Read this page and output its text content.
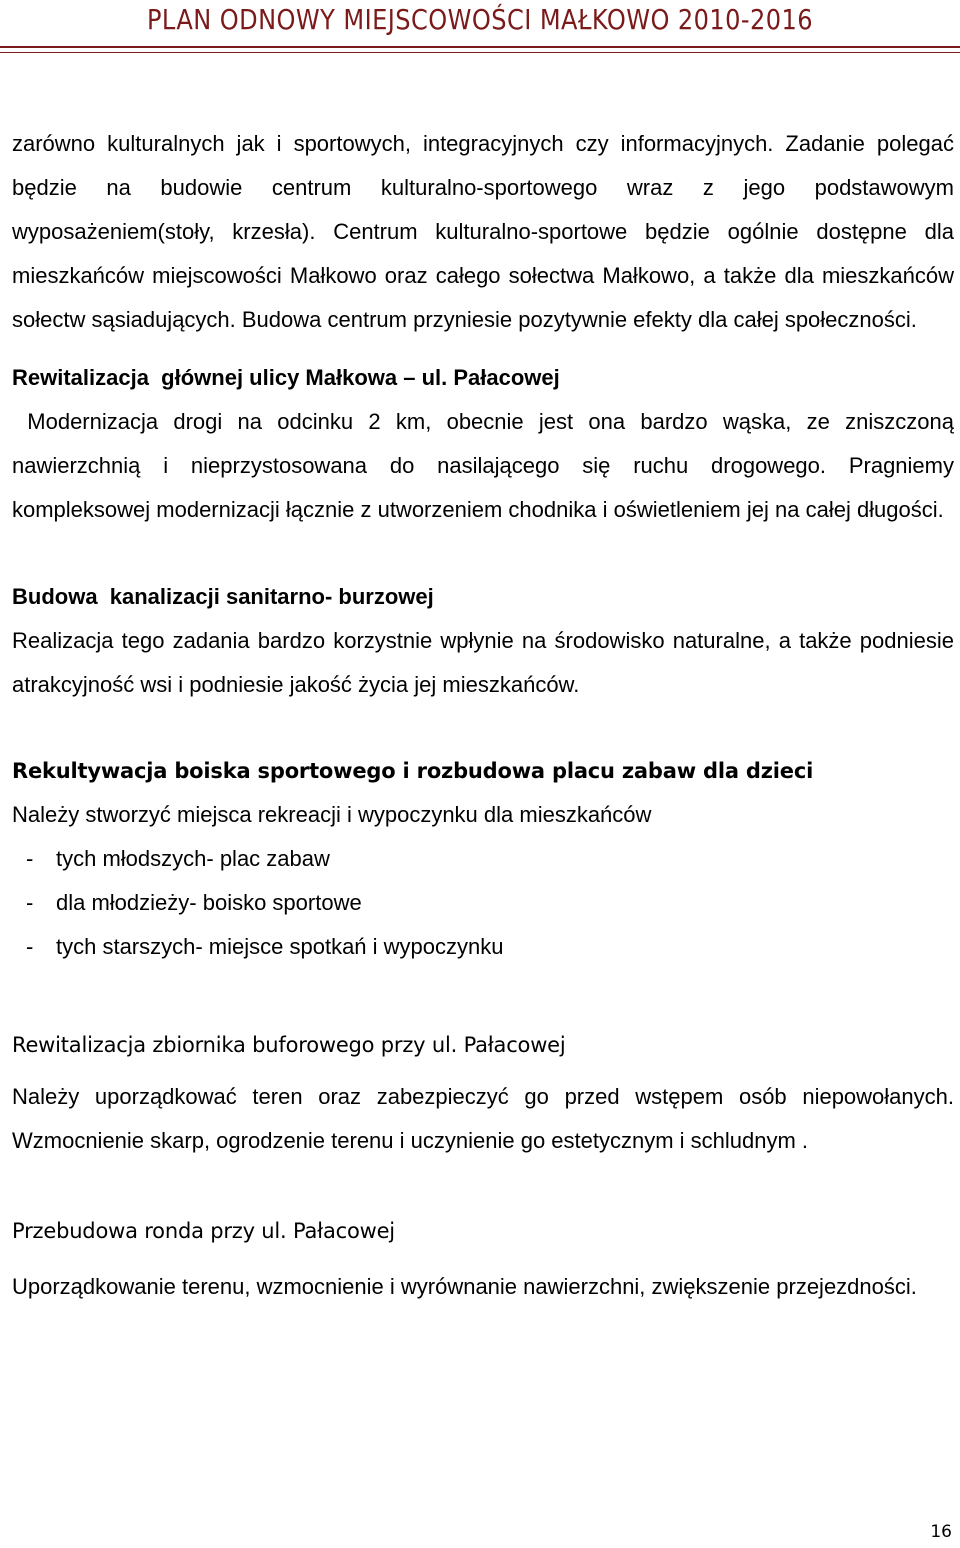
PLAN ODNOWY MIEJSCOWOŚCI MAŁKOWO 2010-2016

zarówno kulturalnych jak i sportowych, integracyjnych czy informacyjnych. Zadanie polegać będzie na budowie centrum kulturalno-sportowego wraz z jego podstawowym wyposażeniem(stoły, krzesła). Centrum kulturalno-sportowe będzie ogólnie dostępne dla mieszkańców miejscowości Małkowo oraz całego sołectwa Małkowo, a także dla mieszkańców sołectw sąsiadujących. Budowa centrum przyniesie pozytywnie efekty dla całej społeczności.

Rewitalizacja  głównej ulicy Małkowa – ul. Pałacowej

Modernizacja drogi na odcinku 2 km, obecnie jest ona bardzo wąska, ze zniszczoną nawierzchnią i nieprzystosowana do nasilającego się ruchu drogowego. Pragniemy kompleksowej modernizacji łącznie z utworzeniem chodnika i oświetleniem jej na całej długości.

Budowa  kanalizacji sanitarno- burzowej

Realizacja tego zadania bardzo korzystnie wpłynie na środowisko naturalne, a także podniesie atrakcyjność wsi i podniesie jakość życia jej mieszkańców.

Rekultywacja boiska sportowego i rozbudowa placu zabaw dla dzieci

Należy stworzyć miejsca rekreacji i wypoczynku dla mieszkańców

- tych młodszych- plac zabaw
- dla młodzieży- boisko sportowe
- tych starszych- miejsce spotkań i wypoczynku
Rewitalizacja zbiornika buforowego przy ul. Pałacowej

Należy uporządkować teren oraz zabezpieczyć go przed wstępem osób niepowołanych. Wzmocnienie skarp, ogrodzenie terenu i uczynienie go estetycznym i schludnym .

Przebudowa ronda przy ul. Pałacowej

Uporządkowanie terenu, wzmocnienie i wyrównanie nawierzchni, zwiększenie przejezdności.

16
